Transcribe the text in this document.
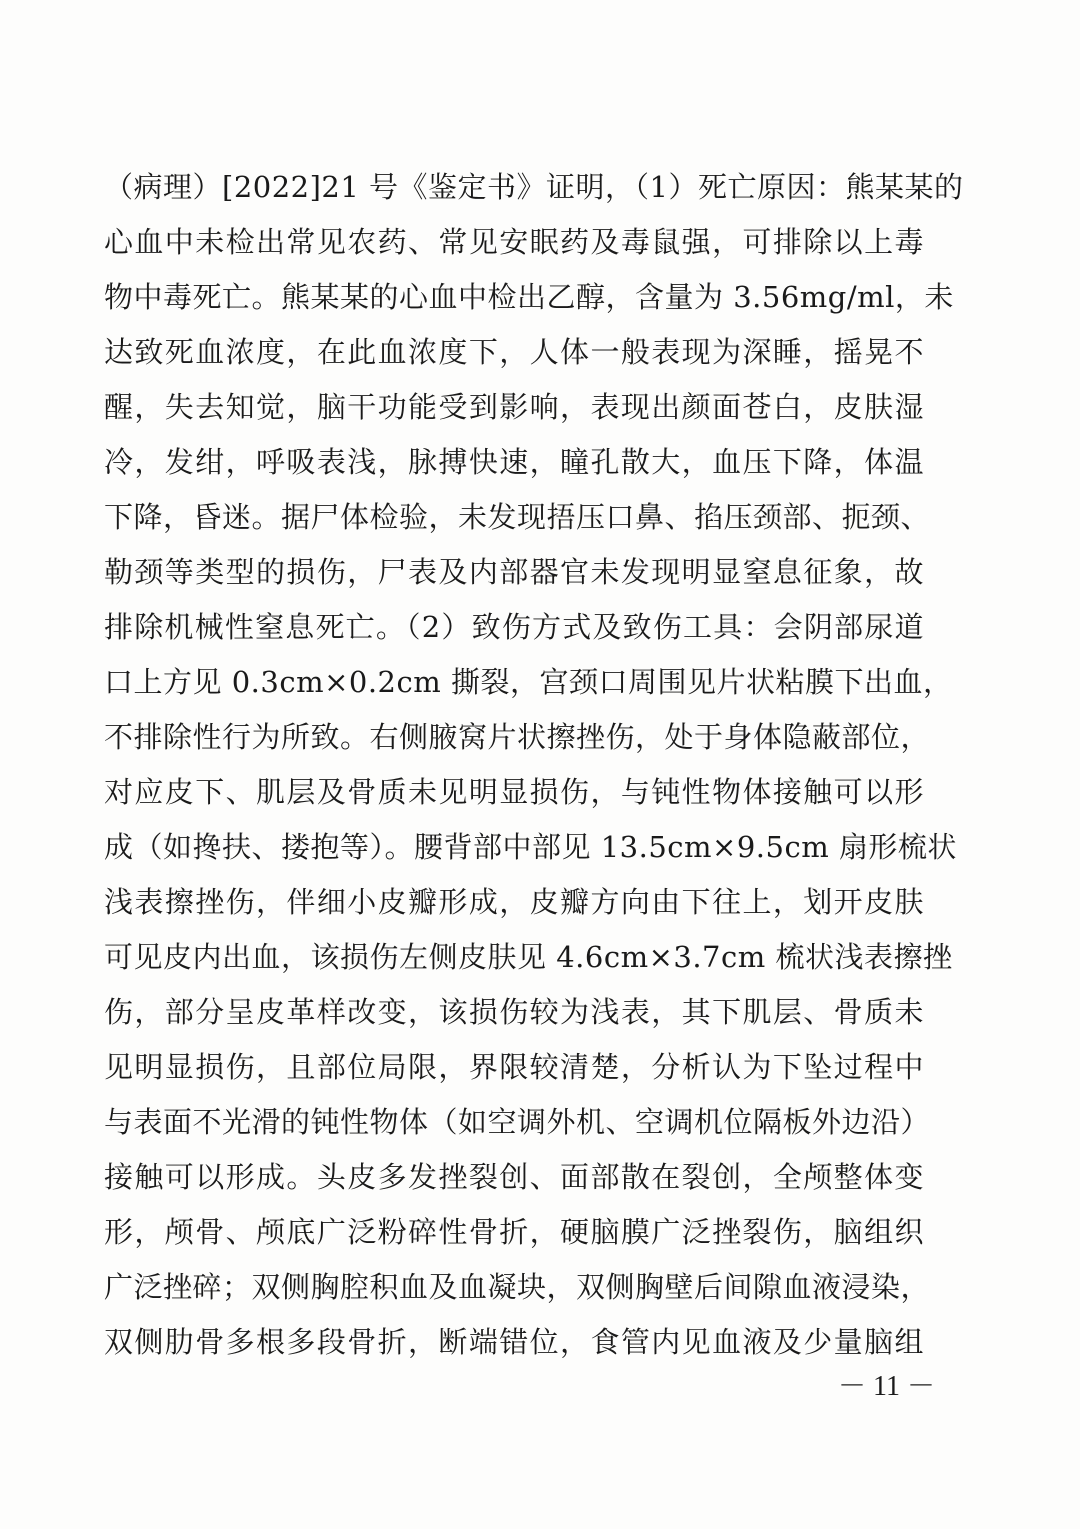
（病理）[2022]21 号《鉴定书》证明，（1）死亡原因：熊某某的
心血中未检出常见农药、常见安眠药及毒鼠强，可排除以上毒
物中毒死亡。熊某某的心血中检出乙醇，含量为 3.56mg/ml，未
达致死血浓度，在此血浓度下，人体一般表现为深睡，摇晃不
醒，失去知觉，脑干功能受到影响，表现出颜面苍白，皮肤湿
冷，发绀，呼吸表浅，脉搏快速，瞳孔散大，血压下降，体温
下降，昏迷。据尸体检验，未发现捂压口鼻、掐压颈部、扼颈、
勒颈等类型的损伤，尸表及内部器官未发现明显窒息征象，故
排除机械性窒息死亡。（2）致伤方式及致伤工具：会阴部尿道
口上方见 0.3cm×0.2cm 撕裂，宫颈口周围见片状粘膜下出血，
不排除性行为所致。右侧腋窝片状擦挫伤，处于身体隐蔽部位，
对应皮下、肌层及骨质未见明显损伤，与钝性物体接触可以形
成（如搀扶、搂抱等）。腰背部中部见 13.5cm×9.5cm 扇形梳状
浅表擦挫伤，伴细小皮瓣形成，皮瓣方向由下往上，划开皮肤
可见皮内出血，该损伤左侧皮肤见 4.6cm×3.7cm 梳状浅表擦挫
伤，部分呈皮革样改变，该损伤较为浅表，其下肌层、骨质未
见明显损伤，且部位局限，界限较清楚，分析认为下坠过程中
与表面不光滑的钝性物体（如空调外机、空调机位隔板外边沿）
接触可以形成。头皮多发挫裂创、面部散在裂创，全颅整体变
形，颅骨、颅底广泛粉碎性骨折，硬脑膜广泛挫裂伤，脑组织
广泛挫碎；双侧胸腔积血及血凝块，双侧胸壁后间隙血液浸染，
双侧肋骨多根多段骨折，断端错位，食管内见血液及少量脑组
－ 11 －
